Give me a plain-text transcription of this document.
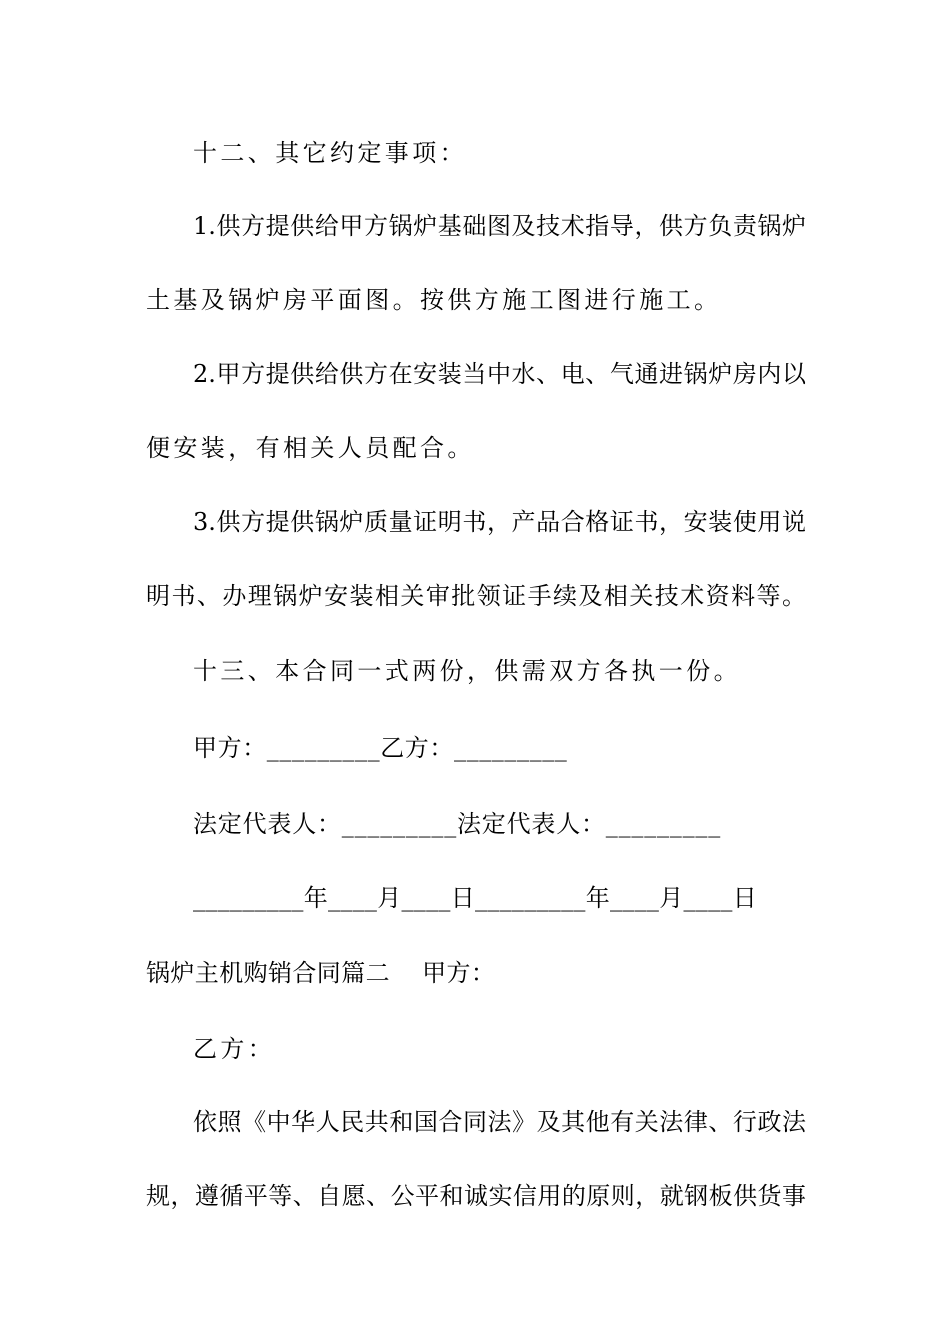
十二、其它约定事项：
1.供方提供给甲方锅炉基础图及技术指导，供方负责锅炉
土基及锅炉房平面图。按供方施工图进行施工。
2.甲方提供给供方在安装当中水、电、气通进锅炉房内以
便安装，有相关人员配合。
3.供方提供锅炉质量证明书，产品合格证书，安装使用说
明书、办理锅炉安装相关审批领证手续及相关技术资料等。
十三、本合同一式两份，供需双方各执一份。
甲方：_________乙方：_________
法定代表人：_________法定代表人：_________
_________年____月____日_________年____月____日
锅炉主机购销合同篇二    甲方：
乙方：
依照《中华人民共和国合同法》及其他有关法律、行政法
规，遵循平等、自愿、公平和诚实信用的原则，就钢板供货事
